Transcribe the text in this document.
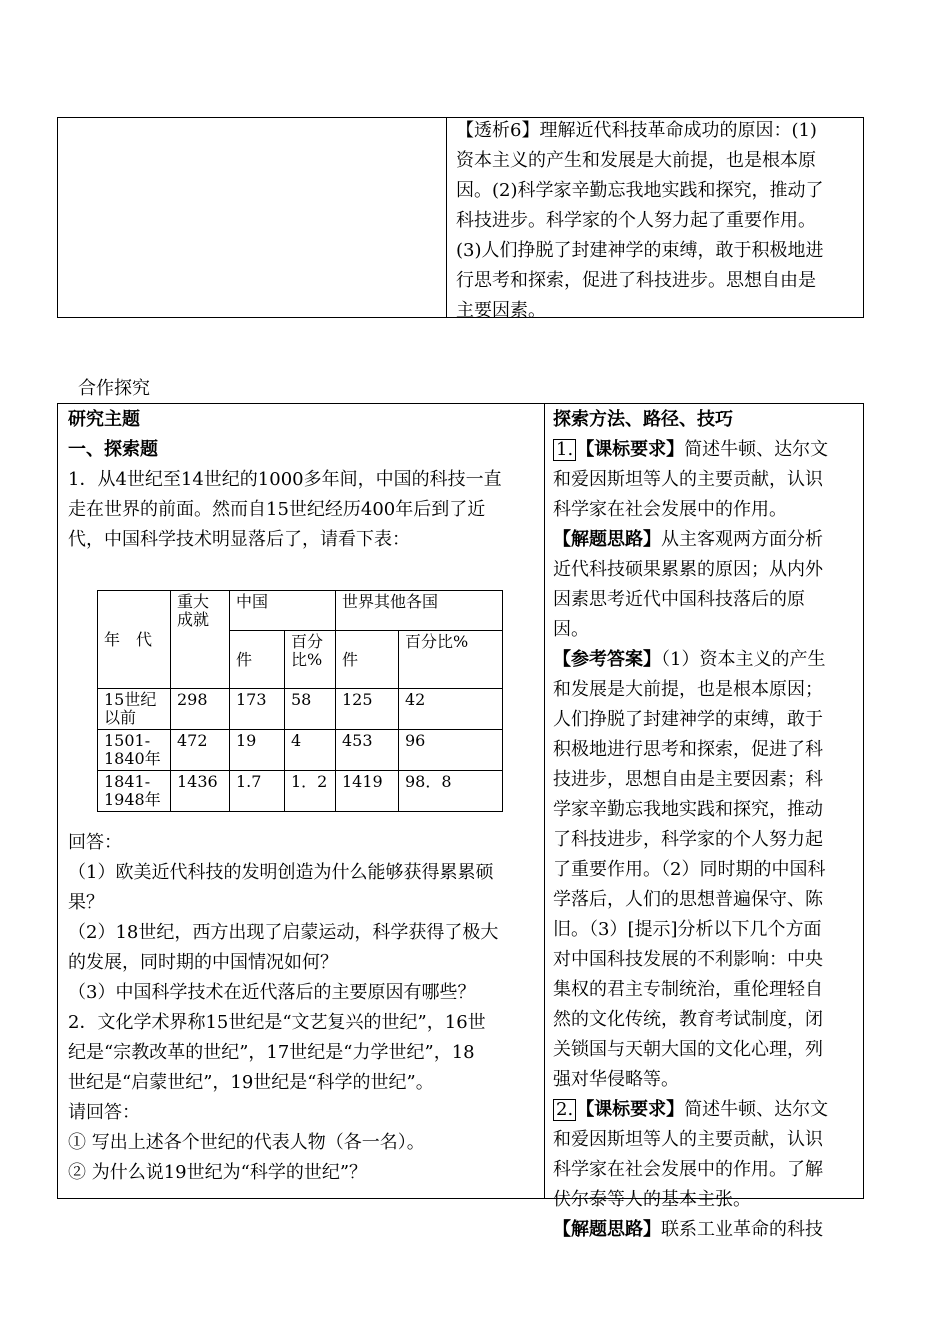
【透析6】理解近代科技革命成功的原因：(1)
资本主义的产生和发展是大前提，也是根本原
因。(2)科学家辛勤忘我地实践和探究，推动了
科技进步。科学家的个人努力起了重要作用。
(3)人们挣脱了封建神学的束缚，敢于积极地进
行思考和探索，促进了科技进步。思想自由是
主要因素。
合作探究
研究主题
一、探索题
1．从4世纪至14世纪的1000多年间，中国的科技一直
走在世界的前面。然而自15世纪经历400年后到了近
代，中国科学技术明显落后了，请看下表：
年　代	重大成就	中国		世界其他各国	
		件	百分比%	件	百分比%
15世纪以前	298	173	58	125	42
1501-1840年	472	19	4	453	96
1841-1948年	1436	1.7	1．2	1419	98．8
回答：
（1）欧美近代科技的发明创造为什么能够获得累累硕
果？
（2）18世纪，西方出现了启蒙运动，科学获得了极大
的发展，同时期的中国情况如何？
（3）中国科学技术在近代落后的主要原因有哪些？
2．文化学术界称15世纪是“文艺复兴的世纪”，16世
纪是“宗教改革的世纪”，17世纪是“力学世纪”，18
世纪是“启蒙世纪”，19世纪是“科学的世纪”。
请回答：
① 写出上述各个世纪的代表人物（各一名）。
② 为什么说19世纪为“科学的世纪”？
探索方法、路径、技巧
1. 【课标要求】简述牛顿、达尔文
和爱因斯坦等人的主要贡献，认识
科学家在社会发展中的作用。
【解题思路】从主客观两方面分析
近代科技硕果累累的原因；从内外
因素思考近代中国科技落后的原
因。
【参考答案】（1）资本主义的产生
和发展是大前提，也是根本原因；
人们挣脱了封建神学的束缚，敢于
积极地进行思考和探索，促进了科
技进步，思想自由是主要因素；科
学家辛勤忘我地实践和探究，推动
了科技进步，科学家的个人努力起
了重要作用。（2）同时期的中国科
学落后，人们的思想普遍保守、陈
旧。（3）[提示]分析以下几个方面
对中国科技发展的不利影响：中央
集权的君主专制统治，重伦理轻自
然的文化传统，教育考试制度，闭
关锁国与天朝大国的文化心理，列
强对华侵略等。
2. 【课标要求】简述牛顿、达尔文
和爱因斯坦等人的主要贡献，认识
科学家在社会发展中的作用。了解
伏尔泰等人的基本主张。
【解题思路】联系工业革命的科技
